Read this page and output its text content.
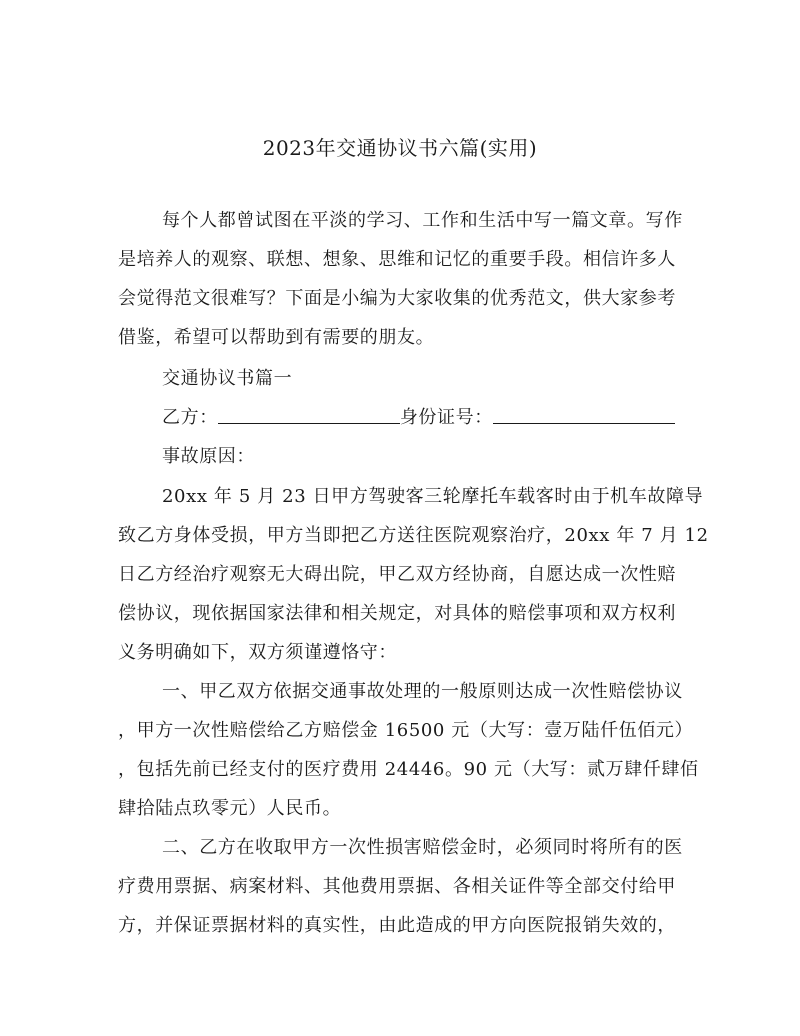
2023年交通协议书六篇(实用)
每个人都曾试图在平淡的学习、工作和生活中写一篇文章。写作
是培养人的观察、联想、想象、思维和记忆的重要手段。相信许多人
会觉得范文很难写？下面是小编为大家收集的优秀范文，供大家参考
借鉴，希望可以帮助到有需要的朋友。
交通协议书篇一
乙方：	身份证号：
事故原因：
20xx 年 5 月 23 日甲方驾驶客三轮摩托车载客时由于机车故障导
致乙方身体受损，甲方当即把乙方送往医院观察治疗，20xx 年 7 月 12
日乙方经治疗观察无大碍出院，甲乙双方经协商，自愿达成一次性赔
偿协议，现依据国家法律和相关规定，对具体的赔偿事项和双方权利
义务明确如下，双方须谨遵恪守：
一、甲乙双方依据交通事故处理的一般原则达成一次性赔偿协议
，甲方一次性赔偿给乙方赔偿金 16500 元（大写：壹万陆仟伍佰元）
，包括先前已经支付的医疗费用 24446。90 元（大写：贰万肆仟肆佰
肆拾陆点玖零元）人民币。
二、乙方在收取甲方一次性损害赔偿金时，必须同时将所有的医
疗费用票据、病案材料、其他费用票据、各相关证件等全部交付给甲
方，并保证票据材料的真实性，由此造成的甲方向医院报销失效的，
